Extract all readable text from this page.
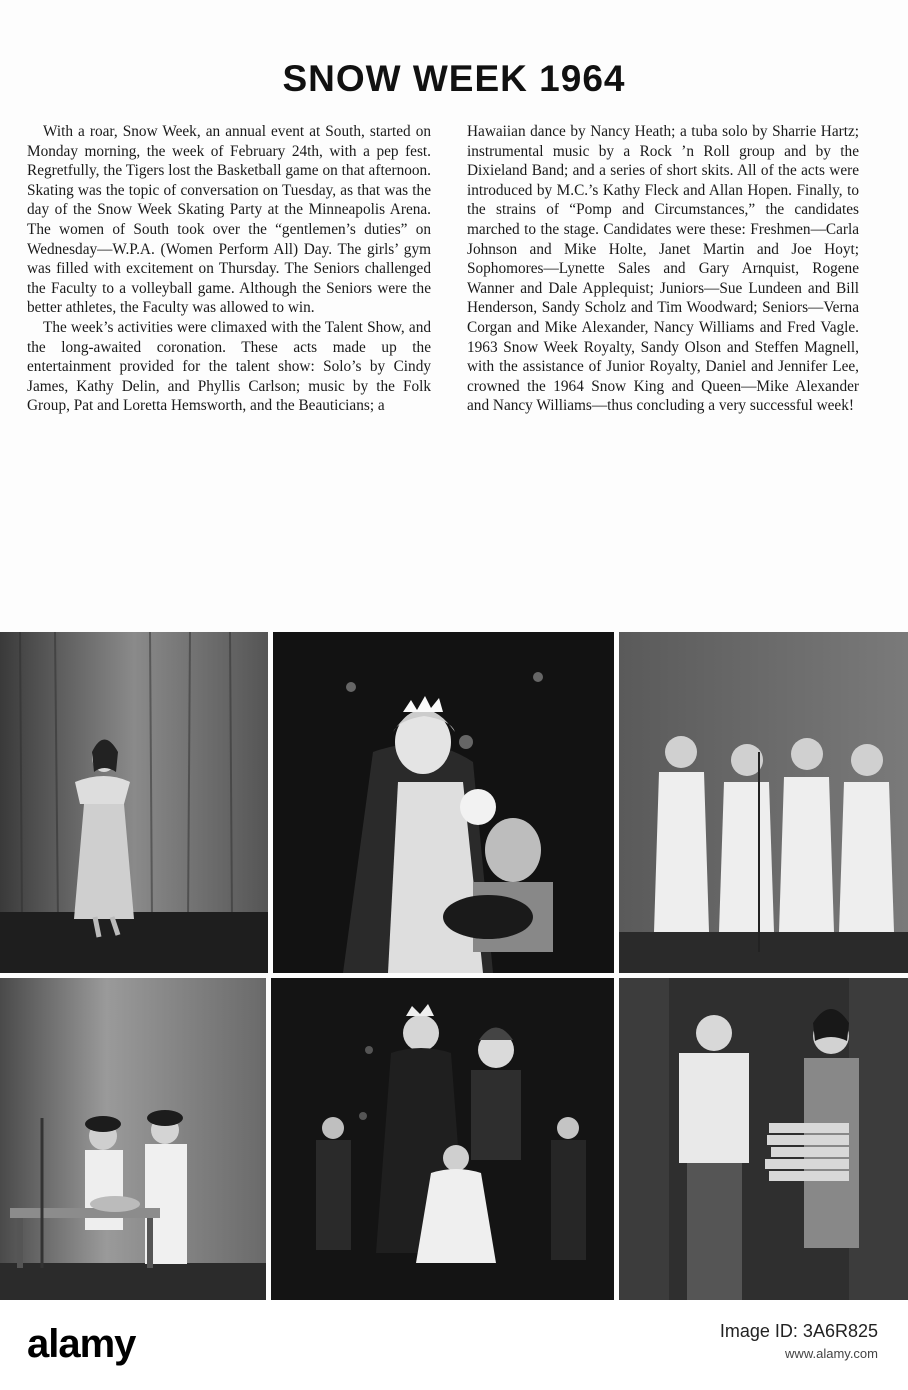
SNOW WEEK 1964

With a roar, Snow Week, an annual event at South, started on Monday morning, the week of February 24th, with a pep fest. Regretfully, the Tigers lost the Basketball game on that afternoon. Skating was the topic of conversation on Tuesday, as that was the day of the Snow Week Skating Party at the Minneapolis Arena. The women of South took over the “gentlemen’s duties” on Wednesday—W.P.A. (Women Perform All) Day. The girls’ gym was filled with excitement on Thursday. The Seniors challenged the Faculty to a volleyball game. Although the Seniors were the better athletes, the Faculty was allowed to win.

The week’s activities were climaxed with the Talent Show, and the long-awaited coronation. These acts made up the entertainment provided for the talent show: Solo’s by Cindy James, Kathy Delin, and Phyllis Carlson; music by the Folk Group, Pat and Loretta Hemsworth, and the Beauticians; a

Hawaiian dance by Nancy Heath; a tuba solo by Sharrie Hartz; instrumental music by a Rock ’n Roll group and by the Dixieland Band; and a series of short skits. All of the acts were introduced by M.C.’s Kathy Fleck and Allan Hopen. Finally, to the strains of “Pomp and Circumstances,” the candidates marched to the stage. Candidates were these: Freshmen—Carla Johnson and Mike Holte, Janet Martin and Joe Hoyt; Sophomores—Lynette Sales and Gary Arnquist, Rogene Wanner and Dale Applequist; Juniors—Sue Lundeen and Bill Henderson, Sandy Scholz and Tim Woodward; Seniors—Verna Corgan and Mike Alexander, Nancy Williams and Fred Vagle. 1963 Snow Week Royalty, Sandy Olson and Steffen Magnell, with the assistance of Junior Royalty, Daniel and Jennifer Lee, crowned the 1964 Snow King and Queen—Mike Alexander and Nancy Williams—thus concluding a very successful week!

alamy	Image ID: 3A6R825
www.alamy.com
